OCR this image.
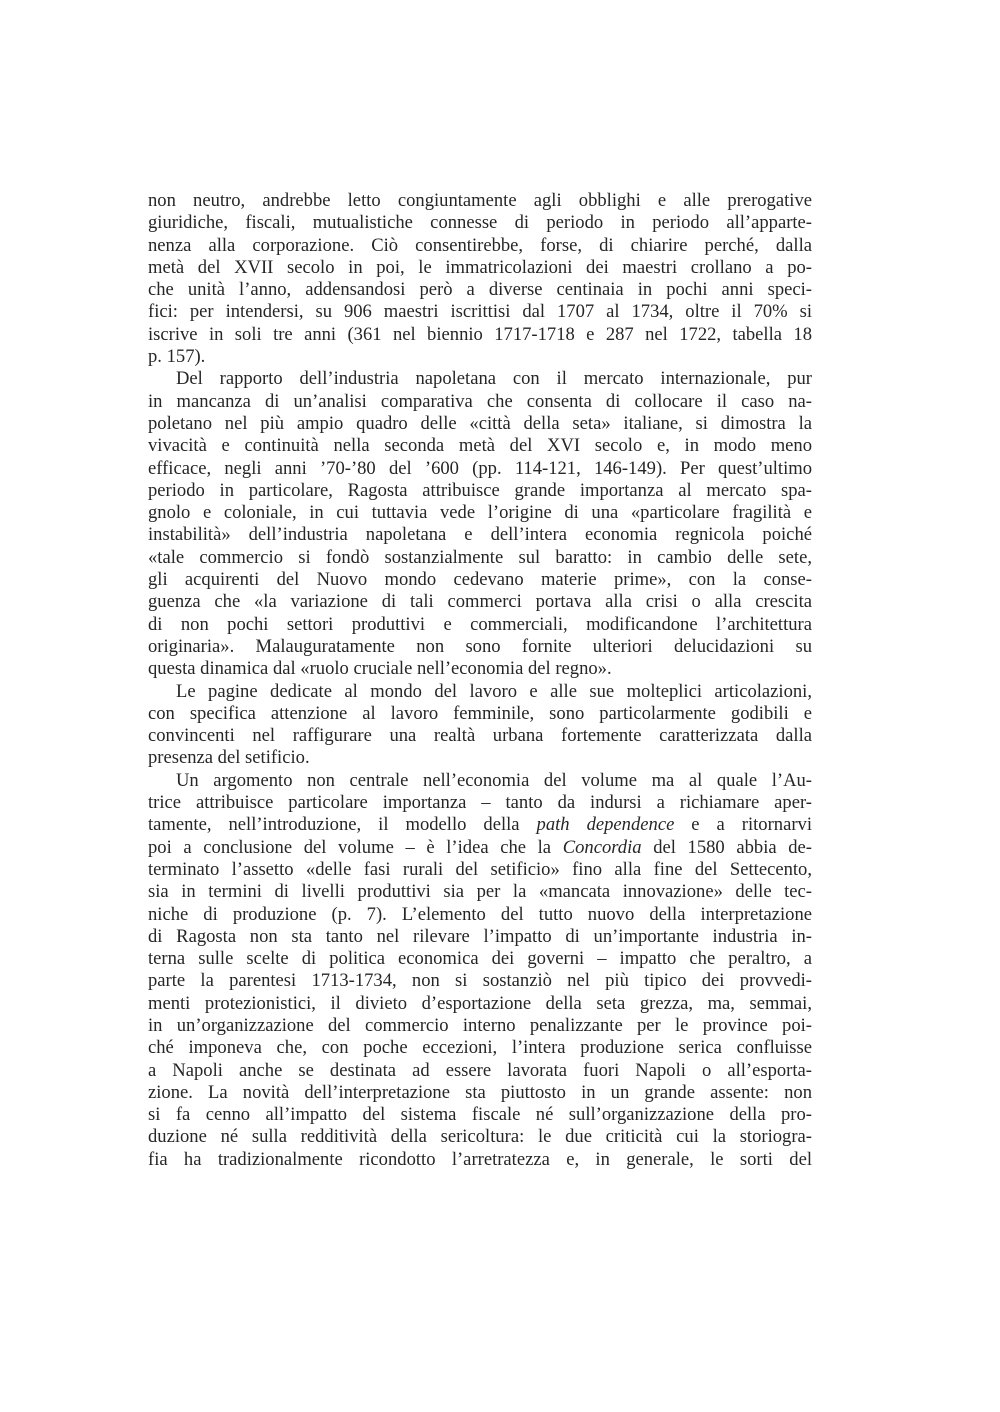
non neutro, andrebbe letto congiuntamente agli obblighi e alle prerogative
giuridiche, fiscali, mutualistiche connesse di periodo in periodo all’apparte-
nenza alla corporazione. Ciò consentirebbe, forse, di chiarire perché, dalla
metà del XVII secolo in poi, le immatricolazioni dei maestri crollano a po-
che unità l’anno, addensandosi però a diverse centinaia in pochi anni speci-
fici: per intendersi, su 906 maestri iscrittisi dal 1707 al 1734, oltre il 70% si
iscrive in soli tre anni (361 nel biennio 1717-1718 e 287 nel 1722, tabella 18
p. 157).
Del rapporto dell’industria napoletana con il mercato internazionale, pur
in mancanza di un’analisi comparativa che consenta di collocare il caso na-
poletano nel più ampio quadro delle «città della seta» italiane, si dimostra la
vivacità e continuità nella seconda metà del XVI secolo e, in modo meno
efficace, negli anni ’70-’80 del ’600 (pp. 114-121, 146-149). Per quest’ultimo
periodo in particolare, Ragosta attribuisce grande importanza al mercato spa-
gnolo e coloniale, in cui tuttavia vede l’origine di una «particolare fragilità e
instabilità» dell’industria napoletana e dell’intera economia regnicola poiché
«tale commercio si fondò sostanzialmente sul baratto: in cambio delle sete,
gli acquirenti del Nuovo mondo cedevano materie prime», con la conse-
guenza che «la variazione di tali commerci portava alla crisi o alla crescita
di non pochi settori produttivi e commerciali, modificandone l’architettura
originaria». Malauguratamente non sono fornite ulteriori delucidazioni su
questa dinamica dal «ruolo cruciale nell’economia del regno».
Le pagine dedicate al mondo del lavoro e alle sue molteplici articolazioni,
con specifica attenzione al lavoro femminile, sono particolarmente godibili e
convincenti nel raffigurare una realtà urbana fortemente caratterizzata dalla
presenza del setificio.
Un argomento non centrale nell’economia del volume ma al quale l’Au-
trice attribuisce particolare importanza – tanto da indursi a richiamare aper-
tamente, nell’introduzione, il modello della path dependence e a ritornarvi
poi a conclusione del volume – è l’idea che la Concordia del 1580 abbia de-
terminato l’assetto «delle fasi rurali del setificio» fino alla fine del Settecento,
sia in termini di livelli produttivi sia per la «mancata innovazione» delle tec-
niche di produzione (p. 7). L’elemento del tutto nuovo della interpretazione
di Ragosta non sta tanto nel rilevare l’impatto di un’importante industria in-
terna sulle scelte di politica economica dei governi – impatto che peraltro, a
parte la parentesi 1713-1734, non si sostanziò nel più tipico dei provvedi-
menti protezionistici, il divieto d’esportazione della seta grezza, ma, semmai,
in un’organizzazione del commercio interno penalizzante per le province poi-
ché imponeva che, con poche eccezioni, l’intera produzione serica confluisse
a Napoli anche se destinata ad essere lavorata fuori Napoli o all’esporta-
zione. La novità dell’interpretazione sta piuttosto in un grande assente: non
si fa cenno all’impatto del sistema fiscale né sull’organizzazione della pro-
duzione né sulla redditività della sericoltura: le due criticità cui la storiogra-
fia ha tradizionalmente ricondotto l’arretratezza e, in generale, le sorti del
